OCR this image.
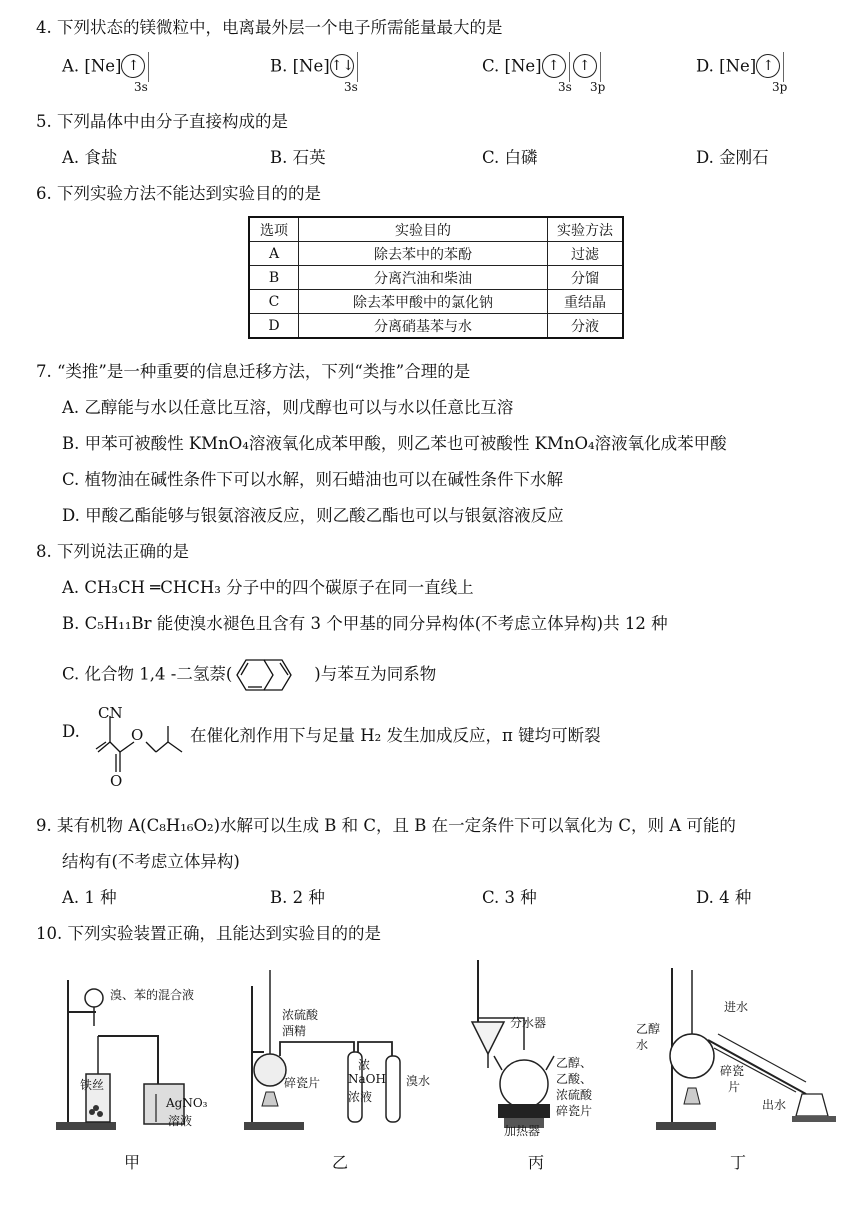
4. 下列状态的镁微粒中，电离最外层一个电子所需能量最大的是
A. [Ne] ↑
3s
B. [Ne]↑↓
3s
C. [Ne] ↑ ↑
3s 3p
D. [Ne] ↑
3p
5. 下列晶体中由分子直接构成的是
A. 食盐	B. 石英	C. 白磷	D. 金刚石
6. 下列实验方法不能达到实验目的的是
选项	实验目的	实验方法
A	除去苯中的苯酚	过滤
B	分离汽油和柴油	分馏
C	除去苯甲酸中的氯化钠	重结晶
D	分离硝基苯与水	分液
7. “类推”是一种重要的信息迁移方法，下列“类推”合理的是
A. 乙醇能与水以任意比互溶，则戊醇也可以与水以任意比互溶
B. 甲苯可被酸性 KMnO₄溶液氧化成苯甲酸，则乙苯也可被酸性 KMnO₄溶液氧化成苯甲酸
C. 植物油在碱性条件下可以水解，则石蜡油也可以在碱性条件下水解
D. 甲酸乙酯能够与银氨溶液反应，则乙酸乙酯也可以与银氨溶液反应
8. 下列说法正确的是
A. CH₃CH ═CHCH₃ 分子中的四个碳原子在同一直线上
B. C₅H₁₁Br 能使溴水褪色且含有 3 个甲基的同分异构体(不考虑立体异构)共 12 种
C. 化合物 1,4 -二氢萘(	)与苯互为同系物
D.
CN
O
O
在催化剂作用下与足量 H₂ 发生加成反应，π 键均可断裂
9. 某有机物 A(C₈H₁₆O₂)水解可以生成 B 和 C，且 B 在一定条件下可以氧化为 C，则 A 可能的
结构有(不考虑立体异构)
A. 1 种	B. 2 种	C. 3 种	D. 4 种
10. 下列实验装置正确，且能达到实验目的的是
溴、苯的混合液
铁丝
AgNO₃
溶液
甲
浓硫酸
酒精
碎瓷片
浓
NaOH
浓液
溴水
乙
分水器
乙醇、
乙酸、
浓硫酸
碎瓷片
加热器
丙
进水
乙醇
水
碎瓷
片
出水
丁
